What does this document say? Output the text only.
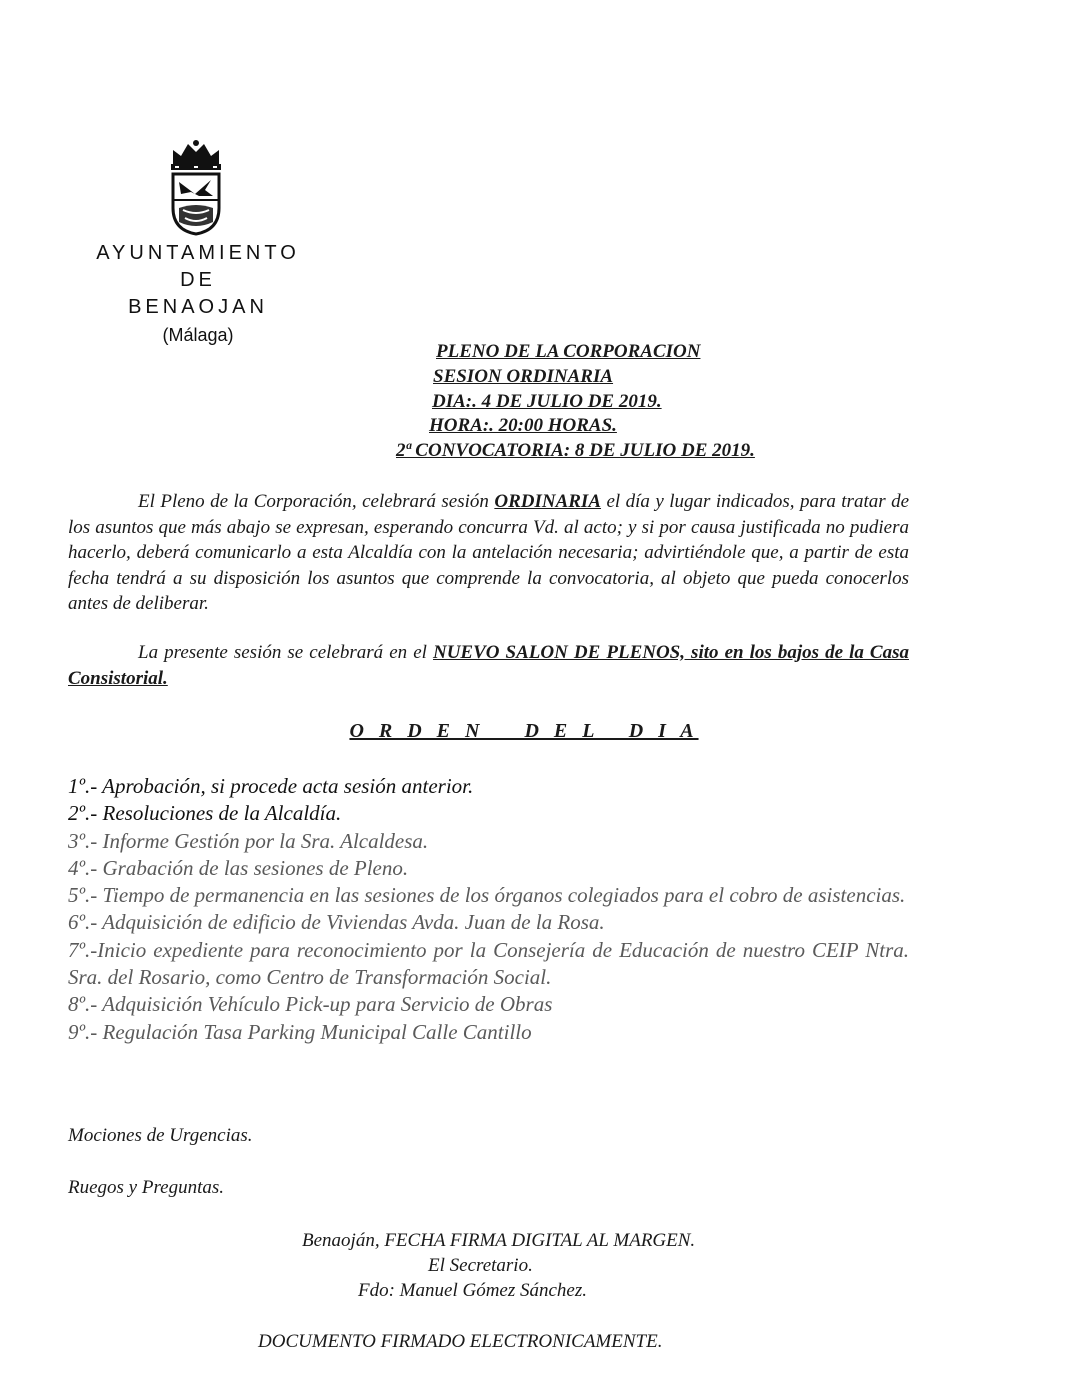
AYUNTAMIENTO
DE
BENAOJAN
(Málaga)
PLENO DE LA CORPORACION
SESION ORDINARIA
DIA:. 4 DE JULIO DE 2019.
HORA:. 20:00 HORAS.
2ª CONVOCATORIA: 8 DE JULIO DE 2019.

El Pleno de la Corporación, celebrará sesión ORDINARIA el día y lugar indicados, para tratar de los asuntos que más abajo se expresan, esperando concurra Vd. al acto; y si por causa justificada no pudiera hacerlo, deberá comunicarlo a esta Alcaldía con la antelación necesaria; advirtiéndole que, a partir de esta fecha tendrá a su disposición los asuntos que comprende la convocatoria, al objeto que pueda conocerlos antes de deliberar.

La presente sesión se celebrará en el NUEVO SALON DE PLENOS, sito en los bajos de la Casa Consistorial.

O R D E N    D E L   D I A
1º.- Aprobación, si procede acta sesión anterior.
2º.- Resoluciones de la Alcaldía.
3º.- Informe Gestión por la Sra. Alcaldesa.
4º.- Grabación de las sesiones de Pleno.
5º.- Tiempo de permanencia en las sesiones de los órganos colegiados para el cobro de asistencias.
6º.- Adquisición de edificio de Viviendas Avda. Juan de la Rosa.
7º.-Inicio expediente para reconocimiento por la Consejería de Educación de nuestro CEIP Ntra. Sra. del Rosario, como Centro de Transformación Social.
8º.- Adquisición Vehículo Pick-up para Servicio de Obras
9º.- Regulación Tasa Parking Municipal Calle Cantillo
Mociones de Urgencias.
Ruegos y Preguntas.
Benaoján, FECHA FIRMA DIGITAL AL MARGEN.
El Secretario.
Fdo: Manuel Gómez Sánchez.
DOCUMENTO FIRMADO ELECTRONICAMENTE.
